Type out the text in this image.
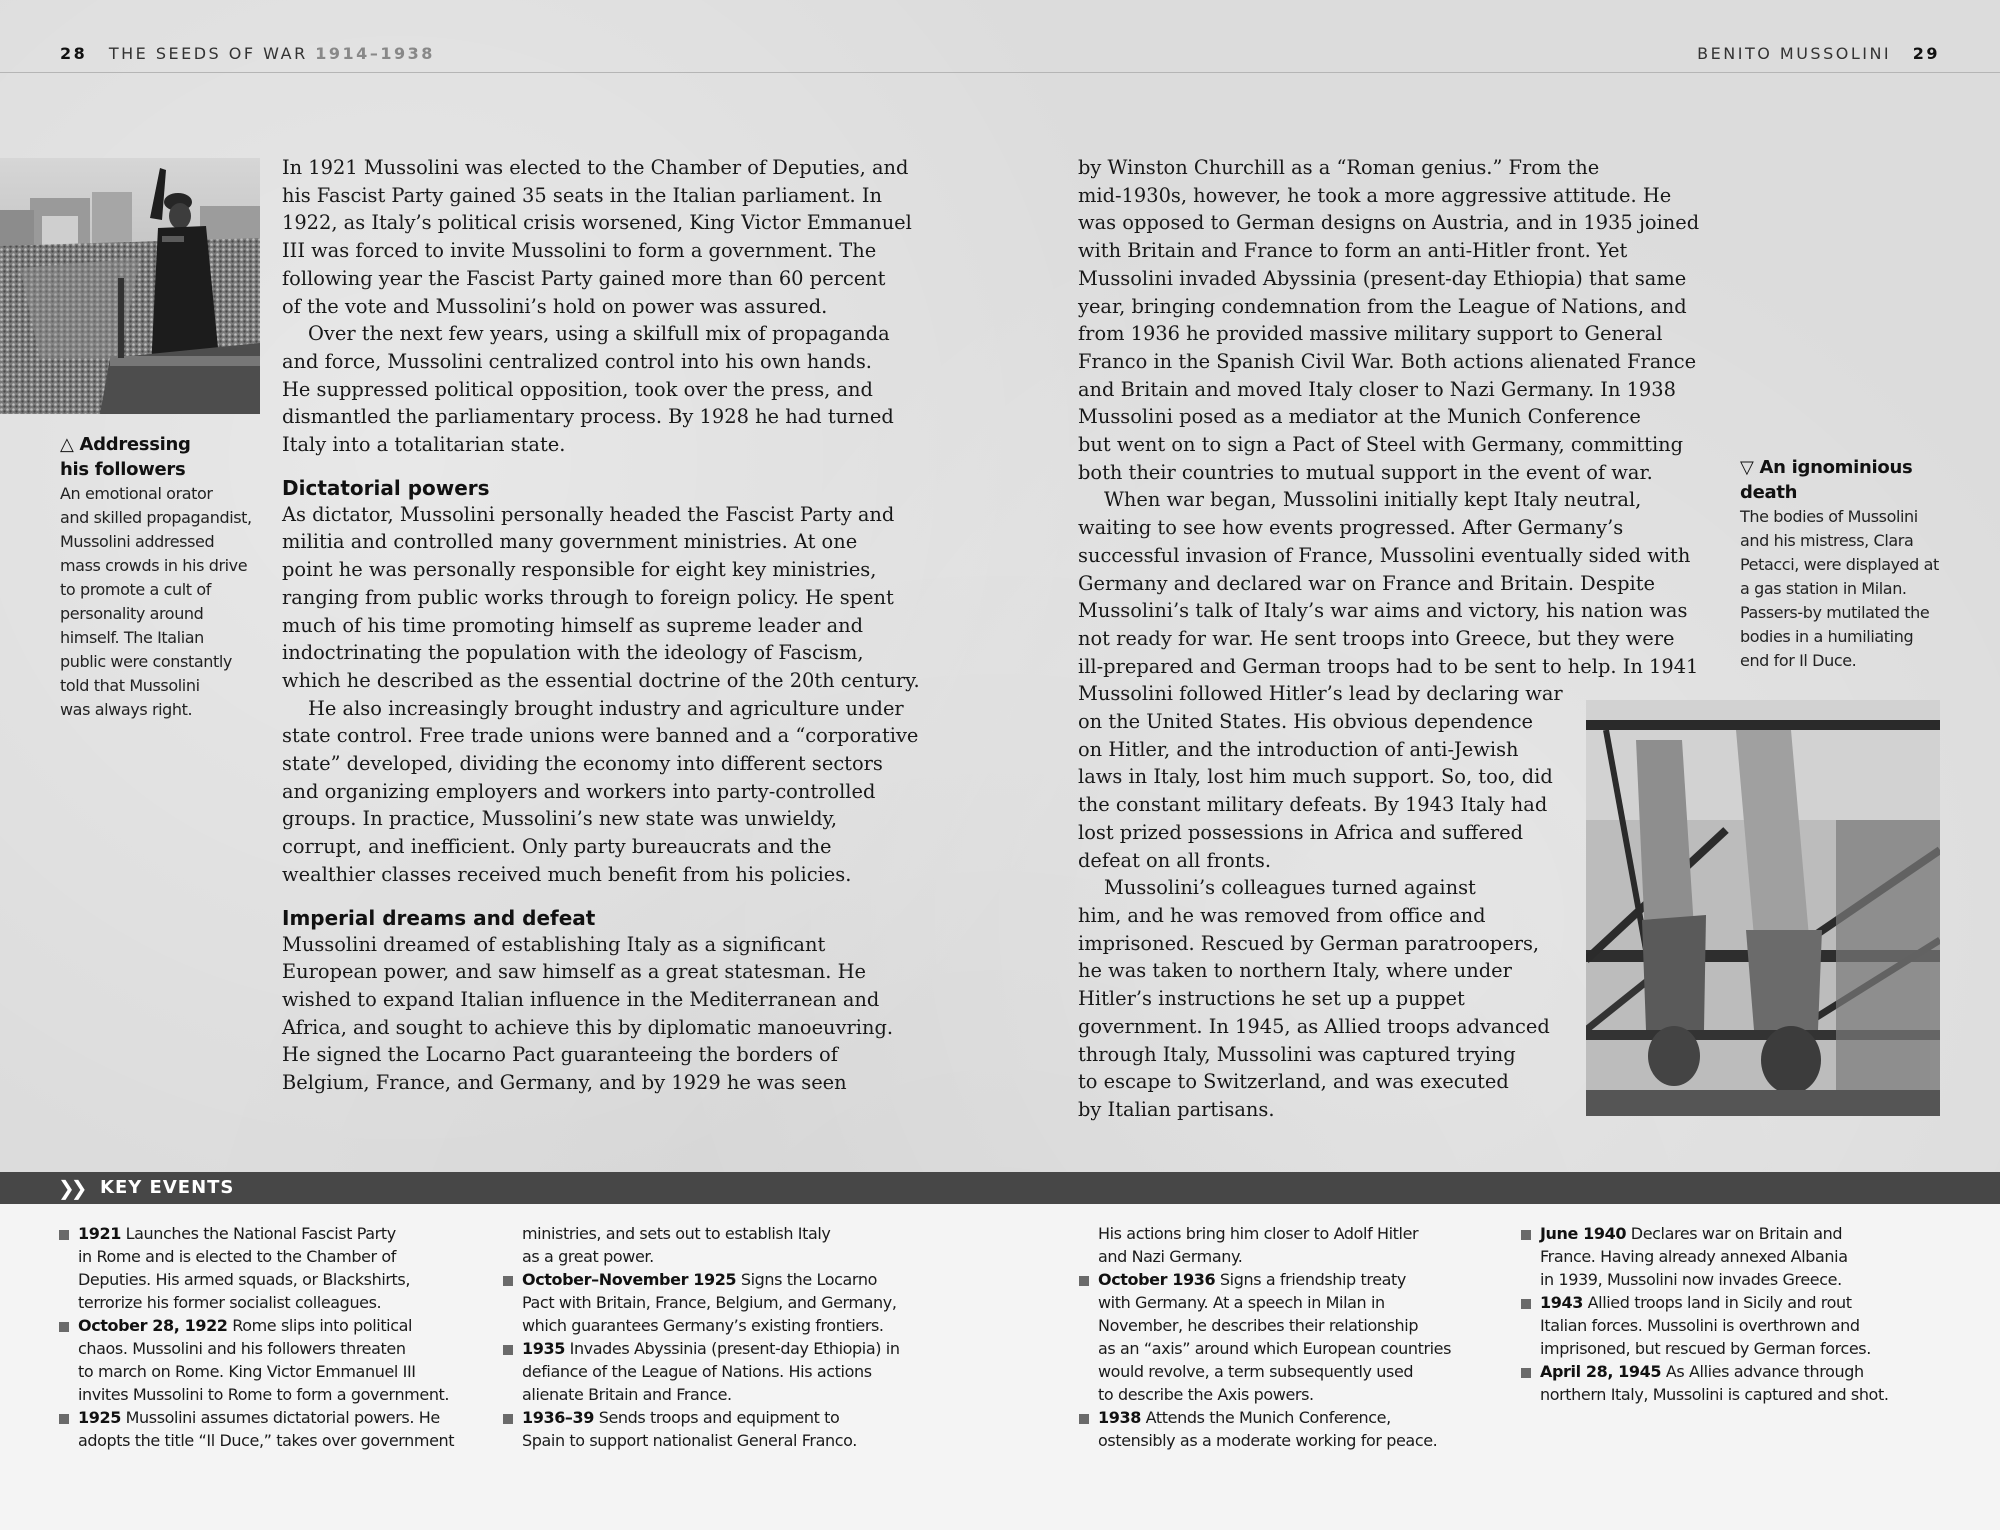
28 THE SEEDS OF WAR 1914–1938	BENITO MUSSOLINI 29
△ Addressing
his followers
An emotional orator
and skilled propagandist,
Mussolini addressed
mass crowds in his drive
to promote a cult of
personality around
himself. The Italian
public were constantly
told that Mussolini
was always right.

In 1921 Mussolini was elected to the Chamber of Deputies, and
his Fascist Party gained 35 seats in the Italian parliament. In
1922, as Italy’s political crisis worsened, King Victor Emmanuel
III was forced to invite Mussolini to form a government. The
following year the Fascist Party gained more than 60 percent
of the vote and Mussolini’s hold on power was assured.

Over the next few years, using a skilfull mix of propaganda
and force, Mussolini centralized control into his own hands.
He suppressed political opposition, took over the press, and
dismantled the parliamentary process. By 1928 he had turned
Italy into a totalitarian state.

Dictatorial powers

As dictator, Mussolini personally headed the Fascist Party and
militia and controlled many government ministries. At one
point he was personally responsible for eight key ministries,
ranging from public works through to foreign policy. He spent
much of his time promoting himself as supreme leader and
indoctrinating the population with the ideology of Fascism,
which he described as the essential doctrine of the 20th century.

He also increasingly brought industry and agriculture under
state control. Free trade unions were banned and a “corporative
state” developed, dividing the economy into different sectors
and organizing employers and workers into party-controlled
groups. In practice, Mussolini’s new state was unwieldy,
corrupt, and inefficient. Only party bureaucrats and the
wealthier classes received much benefit from his policies.

Imperial dreams and defeat

Mussolini dreamed of establishing Italy as a significant
European power, and saw himself as a great statesman. He
wished to expand Italian influence in the Mediterranean and
Africa, and sought to achieve this by diplomatic manoeuvring.
He signed the Locarno Pact guaranteeing the borders of
Belgium, France, and Germany, and by 1929 he was seen

by Winston Churchill as a “Roman genius.” From the
mid-1930s, however, he took a more aggressive attitude. He
was opposed to German designs on Austria, and in 1935 joined
with Britain and France to form an anti-Hitler front. Yet
Mussolini invaded Abyssinia (present-day Ethiopia) that same
year, bringing condemnation from the League of Nations, and
from 1936 he provided massive military support to General
Franco in the Spanish Civil War. Both actions alienated France
and Britain and moved Italy closer to Nazi Germany. In 1938
Mussolini posed as a mediator at the Munich Conference
but went on to sign a Pact of Steel with Germany, committing
both their countries to mutual support in the event of war.

When war began, Mussolini initially kept Italy neutral,
waiting to see how events progressed. After Germany’s
successful invasion of France, Mussolini eventually sided with
Germany and declared war on France and Britain. Despite
Mussolini’s talk of Italy’s war aims and victory, his nation was
not ready for war. He sent troops into Greece, but they were
ill-prepared and German troops had to be sent to help. In 1941
Mussolini followed Hitler’s lead by declaring war
on the United States. His obvious dependence
on Hitler, and the introduction of anti-Jewish
laws in Italy, lost him much support. So, too, did
the constant military defeats. By 1943 Italy had
lost prized possessions in Africa and suffered
defeat on all fronts.

Mussolini’s colleagues turned against
him, and he was removed from office and
imprisoned. Rescued by German paratroopers,
he was taken to northern Italy, where under
Hitler’s instructions he set up a puppet
government. In 1945, as Allied troops advanced
through Italy, Mussolini was captured trying
to escape to Switzerland, and was executed
by Italian partisans.

▽ An ignominious
death
The bodies of Mussolini
and his mistress, Clara
Petacci, were displayed at
a gas station in Milan.
Passers-by mutilated the
bodies in a humiliating
end for Il Duce.
❯❯ KEY EVENTS
1921 Launches the National Fascist Party
in Rome and is elected to the Chamber of
Deputies. His armed squads, or Blackshirts,
terrorize his former socialist colleagues.
October 28, 1922 Rome slips into political
chaos. Mussolini and his followers threaten
to march on Rome. King Victor Emmanuel III
invites Mussolini to Rome to form a government.
1925 Mussolini assumes dictatorial powers. He
adopts the title “Il Duce,” takes over government
ministries, and sets out to establish Italy
as a great power.
October–November 1925 Signs the Locarno
Pact with Britain, France, Belgium, and Germany,
which guarantees Germany’s existing frontiers.
1935 Invades Abyssinia (present-day Ethiopia) in
defiance of the League of Nations. His actions
alienate Britain and France.
1936–39 Sends troops and equipment to
Spain to support nationalist General Franco.
His actions bring him closer to Adolf Hitler
and Nazi Germany.
October 1936 Signs a friendship treaty
with Germany. At a speech in Milan in
November, he describes their relationship
as an “axis” around which European countries
would revolve, a term subsequently used
to describe the Axis powers.
1938 Attends the Munich Conference,
ostensibly as a moderate working for peace.
June 1940 Declares war on Britain and
France. Having already annexed Albania
in 1939, Mussolini now invades Greece.
1943 Allied troops land in Sicily and rout
Italian forces. Mussolini is overthrown and
imprisoned, but rescued by German forces.
April 28, 1945 As Allies advance through
northern Italy, Mussolini is captured and shot.
